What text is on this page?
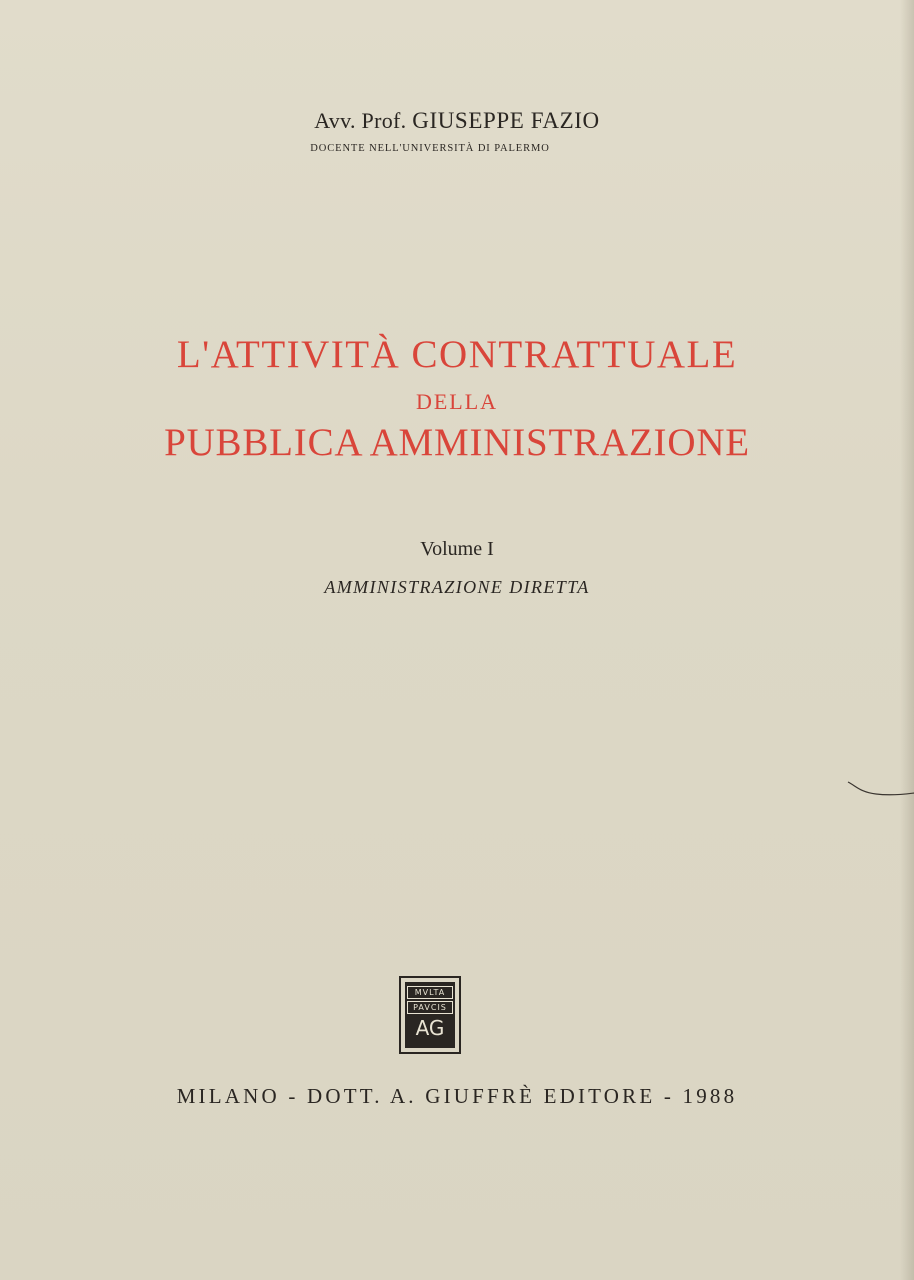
Avv. Prof. GIUSEPPE FAZIO
DOCENTE NELL'UNIVERSITÀ DI PALERMO
L'ATTIVITÀ CONTRATTUALE
DELLA
PUBBLICA AMMINISTRAZIONE
Volume I
AMMINISTRAZIONE DIRETTA
MVLTA
PAVCIS
AG
MILANO - DOTT. A. GIUFFRÈ EDITORE - 1988
